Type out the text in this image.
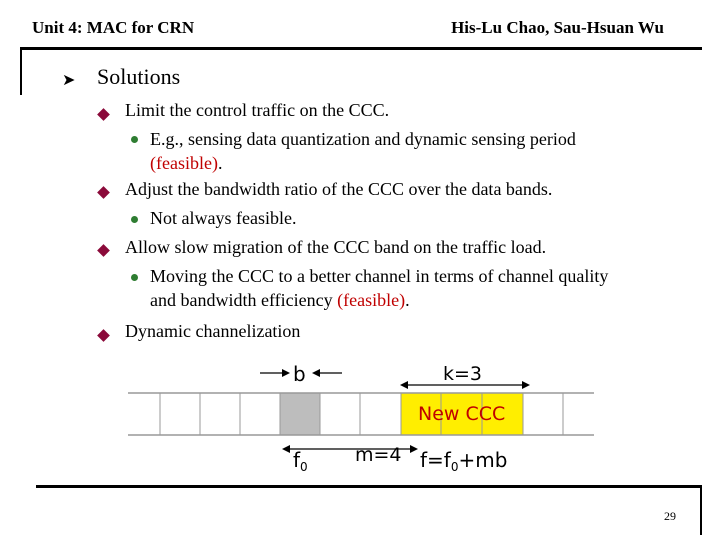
Unit 4: MAC for CRN	His-Lu Chao, Sau-Hsuan Wu
➤ Solutions
Limit the control traffic on the CCC.
E.g., sensing data quantization and dynamic sensing period
(feasible).
Adjust the bandwidth ratio of the CCC over the data bands.
Not always feasible.
Allow slow migration of the CCC band on the traffic load.
Moving the CCC to a better channel in terms of channel quality
and bandwidth efficiency (feasible).
Dynamic channelization
b	k=3
New CCC
m=4
$f_0$	$f=f_0+mb$
29
